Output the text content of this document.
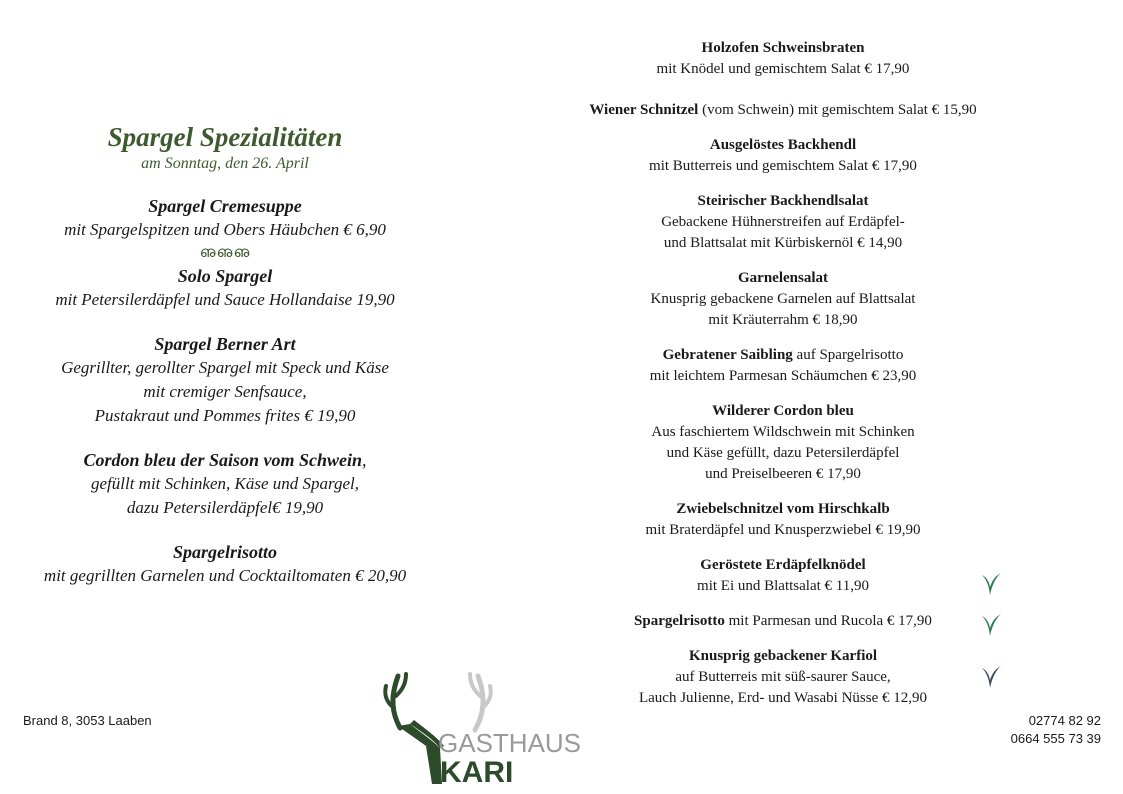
Spargel Spezialitäten

am Sonntag, den 26. April

Spargel Cremesuppe
mit Spargelspitzen und Obers Häubchen € 6,90
ഌഌഌ
Solo Spargel
mit Petersilerdäpfel und Sauce Hollandaise 19,90
Spargel Berner Art
Gegrillter, gerollter Spargel mit Speck und Käse
mit cremiger Senfsauce,
Pustakraut und Pommes frites € 19,90
Cordon bleu der Saison vom Schwein,
gefüllt mit Schinken, Käse und Spargel,
dazu Petersilerdäpfel€ 19,90
Spargelrisotto
mit gegrillten Garnelen und Cocktailtomaten € 20,90
Holzofen Schweinsbraten
mit Knödel und gemischtem Salat € 17,90
Wiener Schnitzel (vom Schwein) mit gemischtem Salat € 15,90
Ausgelöstes Backhendl
mit Butterreis und gemischtem Salat € 17,90
Steirischer Backhendlsalat
Gebackene Hühnerstreifen auf Erdäpfel-
und Blattsalat mit Kürbiskernöl € 14,90
Garnelensalat
Knusprig gebackene Garnelen auf Blattsalat
mit Kräuterrahm € 18,90
Gebratener Saibling auf Spargelrisotto
mit leichtem Parmesan Schäumchen € 23,90
Wilderer Cordon bleu
Aus faschiertem Wildschwein mit Schinken
und Käse gefüllt, dazu Petersilerdäpfel
und Preiselbeeren € 17,90
Zwiebelschnitzel vom Hirschkalb
mit Braterdäpfel und Knusperzwiebel € 19,90
Geröstete Erdäpfelknödel
mit Ei und Blattsalat € 11,90
Spargelrisotto mit Parmesan und Rucola € 17,90
Knusprig gebackener Karfiol
auf Butterreis mit süß-saurer Sauce,
Lauch Julienne, Erd- und Wasabi Nüsse € 12,90
Brand 8, 3053 Laaben	02774 82 92
0664 555 73 39
GASTHAUS
KARI
